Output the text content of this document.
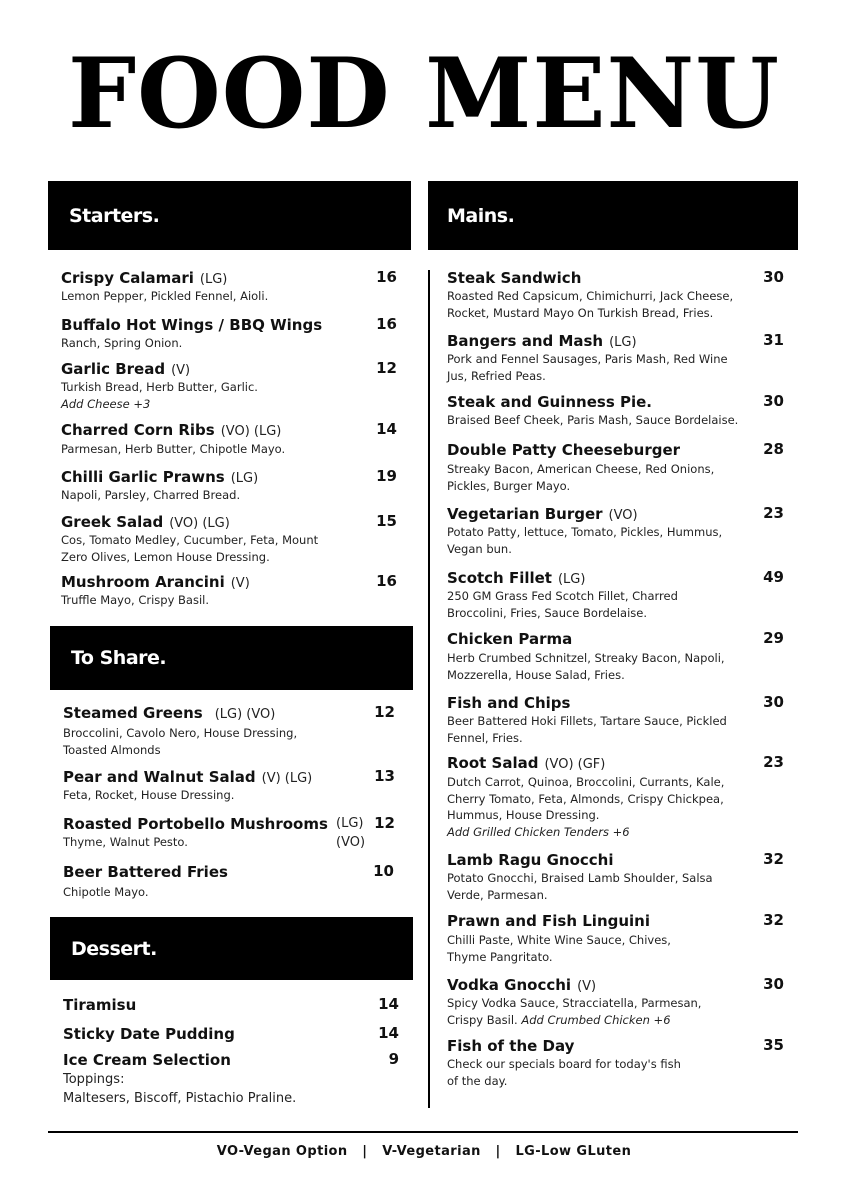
FOOD MENU
Starters.	Mains.
To Share.
Dessert.
Crispy Calamari (LG)	16
Lemon Pepper, Pickled Fennel, Aioli.
Buffalo Hot Wings / BBQ Wings	16
Ranch, Spring Onion.
Garlic Bread (V)	12
Turkish Bread, Herb Butter, Garlic.
Add Cheese +3
Charred Corn Ribs (VO) (LG)	14
Parmesan, Herb Butter, Chipotle Mayo.
Chilli Garlic Prawns (LG)	19
Napoli, Parsley, Charred Bread.
Greek Salad (VO) (LG)	15
Cos, Tomato Medley, Cucumber, Feta, Mount
Zero Olives, Lemon House Dressing.
Mushroom Arancini (V)	16
Truffle Mayo, Crispy Basil.
Steamed Greens (LG) (VO)	12
Broccolini, Cavolo Nero, House Dressing,
Toasted Almonds
Pear and Walnut Salad (V) (LG)	13
Feta, Rocket, House Dressing.
Roasted Portobello Mushrooms	12
Thyme, Walnut Pesto.
(LG)
(VO)
Beer Battered Fries	10
Chipotle Mayo.
Tiramisu	14
Sticky Date Pudding	14
Ice Cream Selection	9
Toppings:
Maltesers, Biscoff, Pistachio Praline.
Steak Sandwich	30
Roasted Red Capsicum, Chimichurri, Jack Cheese,
Rocket, Mustard Mayo On Turkish Bread, Fries.
Bangers and Mash (LG)	31
Pork and Fennel Sausages, Paris Mash, Red Wine
Jus, Refried Peas.
Steak and Guinness Pie.	30
Braised Beef Cheek, Paris Mash, Sauce Bordelaise.
Double Patty Cheeseburger	28
Streaky Bacon, American Cheese, Red Onions,
Pickles, Burger Mayo.
Vegetarian Burger (VO)	23
Potato Patty, lettuce, Tomato, Pickles, Hummus,
Vegan bun.
Scotch Fillet (LG)	49
250 GM Grass Fed Scotch Fillet, Charred
Broccolini, Fries, Sauce Bordelaise.
Chicken Parma	29
Herb Crumbed Schnitzel, Streaky Bacon, Napoli,
Mozzerella, House Salad, Fries.
Fish and Chips	30
Beer Battered Hoki Fillets, Tartare Sauce, Pickled
Fennel, Fries.
Root Salad (VO) (GF)	23
Dutch Carrot, Quinoa, Broccolini, Currants, Kale,
Cherry Tomato, Feta, Almonds, Crispy Chickpea,
Hummus, House Dressing.
Add Grilled Chicken Tenders +6
Lamb Ragu Gnocchi	32
Potato Gnocchi, Braised Lamb Shoulder, Salsa
Verde, Parmesan.
Prawn and Fish Linguini	32
Chilli Paste, White Wine Sauce, Chives,
Thyme Pangritato.
Vodka Gnocchi (V)	30
Spicy Vodka Sauce, Stracciatella, Parmesan,
Crispy Basil. Add Crumbed Chicken +6
Fish of the Day	35
Check our specials board for today's fish
of the day.
VO-Vegan Option   |   V-Vegetarian   |   LG-Low GLuten
